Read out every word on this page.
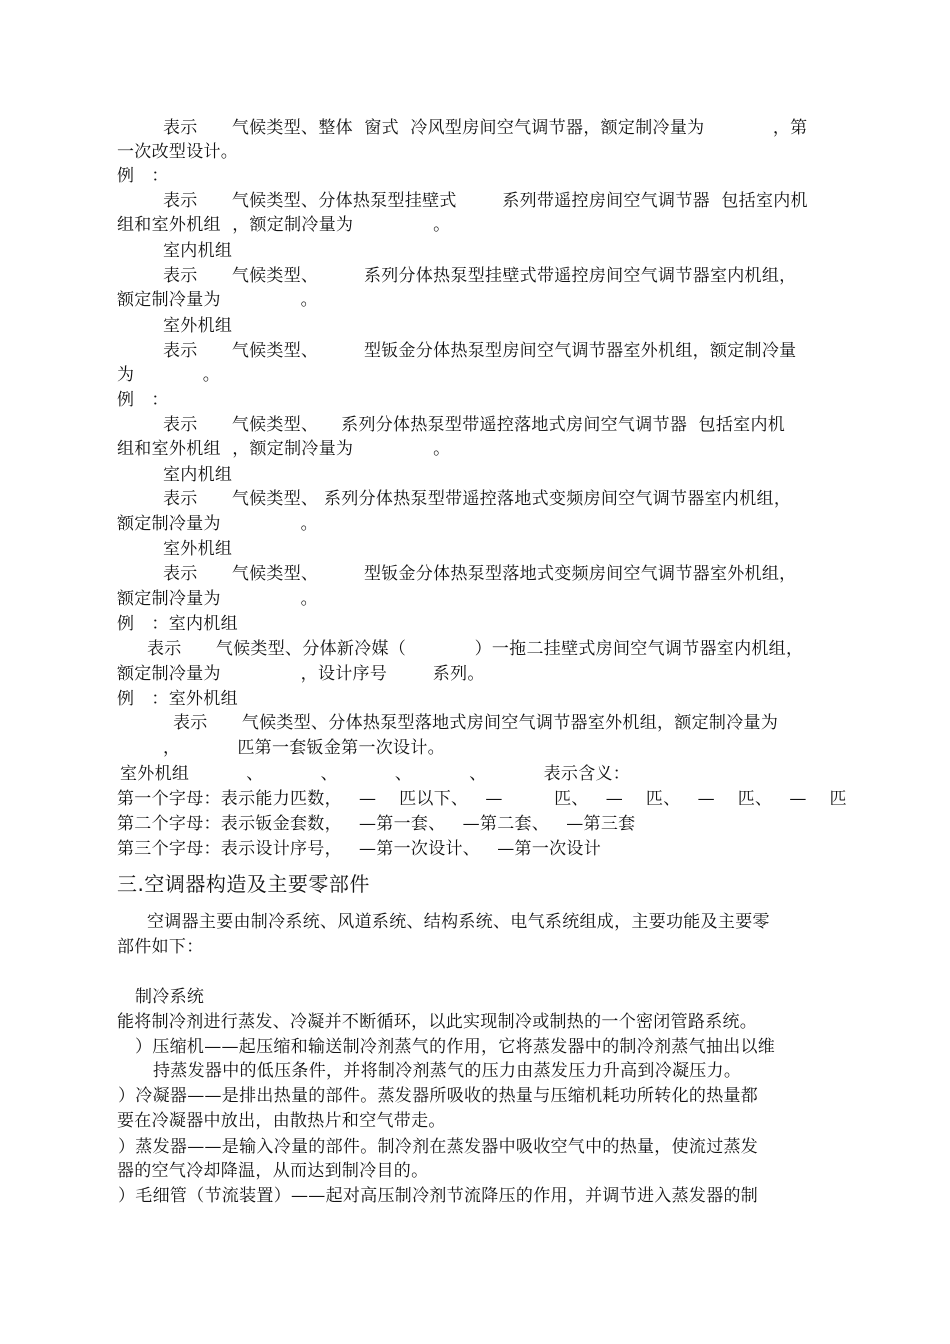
表示      气候类型、整体  窗式  冷风型房间空气调节器，额定制冷量为            ，第
一次改型设计。
例   ：
表示      气候类型、分体热泵型挂壁式        系列带遥控房间空气调节器  包括室内机
组和室外机组  ，额定制冷量为              。
室内机组
表示      气候类型、        系列分体热泵型挂壁式带遥控房间空气调节器室内机组，
额定制冷量为              。
室外机组
表示      气候类型、        型钣金分体热泵型房间空气调节器室外机组，额定制冷量
为            。
例   ：
表示      气候类型、    系列分体热泵型带遥控落地式房间空气调节器  包括室内机
组和室外机组  ，额定制冷量为              。
室内机组
表示      气候类型、 系列分体热泵型带遥控落地式变频房间空气调节器室内机组，
额定制冷量为              。
室外机组
表示      气候类型、        型钣金分体热泵型落地式变频房间空气调节器室外机组，
额定制冷量为              。
例   ：室内机组
表示      气候类型、分体新冷媒（            ）一拖二挂壁式房间空气调节器室内机组，
额定制冷量为              ，设计序号        系列。
例   ：室外机组
表示      气候类型、分体热泵型落地式房间空气调节器室外机组，额定制冷量为
，          匹第一套钣金第一次设计。
室外机组          、          、          、          、          表示含义：
第一个字母：表示能力匹数，   —    匹以下、   —         匹、   —    匹、   —    匹、   —    匹
第二个字母：表示钣金套数，   —第一套、   —第二套、   —第三套
第三个字母：表示设计序号，   —第一次设计、   —第一次设计
三.空调器构造及主要零部件
空调器主要由制冷系统、风道系统、结构系统、电气系统组成，主要功能及主要零
部件如下：
制冷系统
能将制冷剂进行蒸发、冷凝并不断循环，以此实现制冷或制热的一个密闭管路系统。
）压缩机——起压缩和输送制冷剂蒸气的作用，它将蒸发器中的制冷剂蒸气抽出以维
持蒸发器中的低压条件，并将制冷剂蒸气的压力由蒸发压力升高到冷凝压力。
）冷凝器——是排出热量的部件。蒸发器所吸收的热量与压缩机耗功所转化的热量都
要在冷凝器中放出，由散热片和空气带走。
）蒸发器——是输入冷量的部件。制冷剂在蒸发器中吸收空气中的热量，使流过蒸发
器的空气冷却降温，从而达到制冷目的。
）毛细管（节流装置）——起对高压制冷剂节流降压的作用，并调节进入蒸发器的制
